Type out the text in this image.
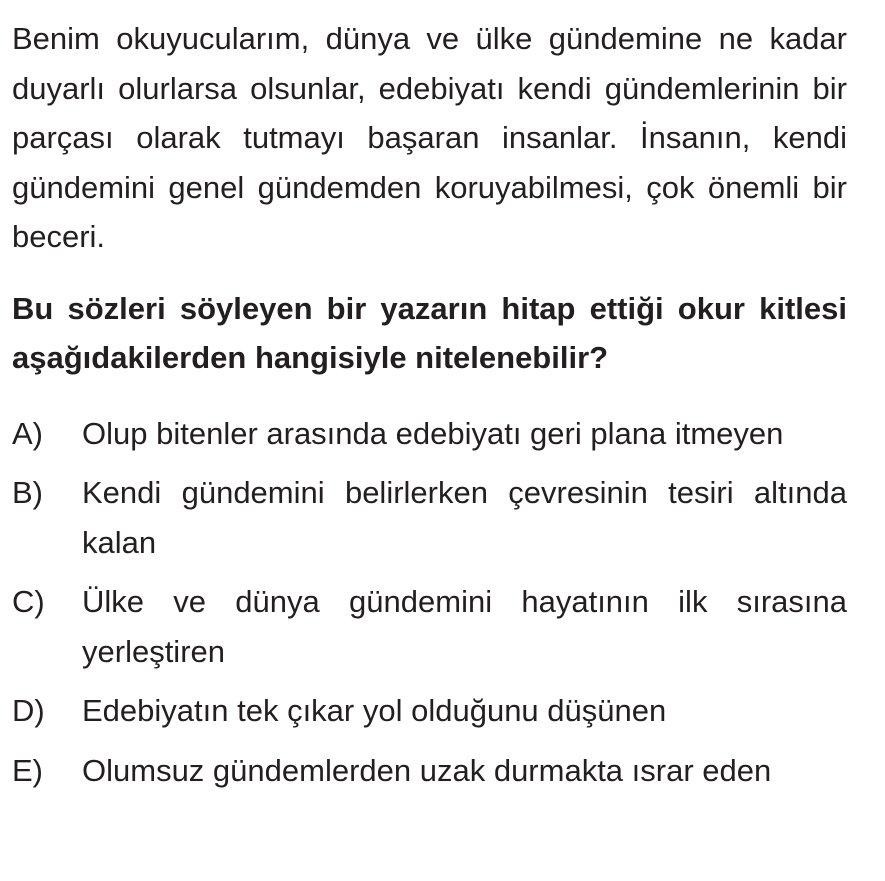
Benim okuyucularım, dünya ve ülke gündemine ne kadar duyarlı olurlarsa olsunlar, edebiyatı kendi gündemlerinin bir parçası olarak tutmayı başaran insanlar. İnsanın, kendi gündemini genel gündemden koruyabilmesi, çok önemli bir beceri.

Bu sözleri söyleyen bir yazarın hitap ettiği okur kitlesi aşağıdakilerden hangisiyle nitelenebilir?

A)	Olup bitenler arasında edebiyatı geri plana itmeyen
B)	Kendi gündemini belirlerken çevresinin tesiri altında kalan
C)	Ülke ve dünya gündemini hayatının ilk sırasına yerleştiren
D)	Edebiyatın tek çıkar yol olduğunu düşünen
E)	Olumsuz gündemlerden uzak durmakta ısrar eden
